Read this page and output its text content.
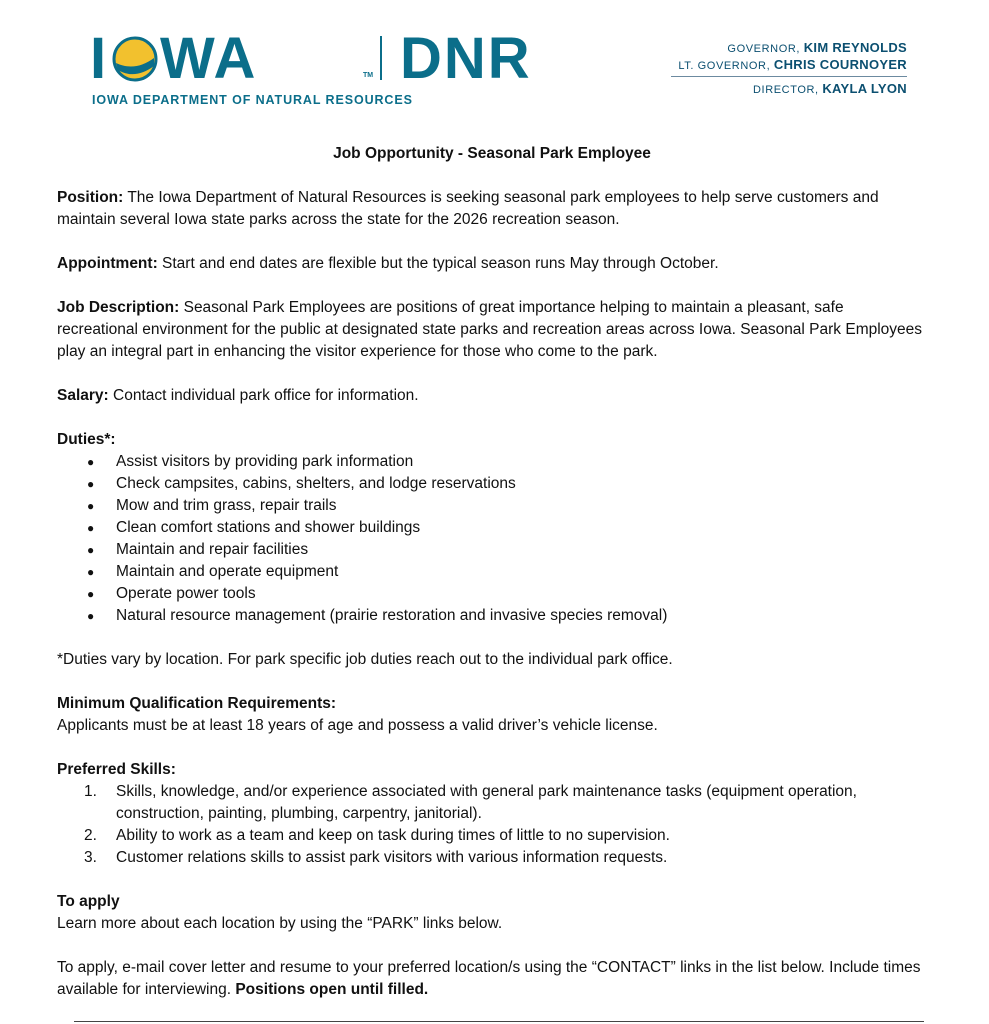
I WA	TM DNR
IOWA DEPARTMENT OF NATURAL RESOURCES
GOVERNOR, KIM REYNOLDS
LT. GOVERNOR, CHRIS COURNOYER
DIRECTOR, KAYLA LYON
Job Opportunity - Seasonal Park Employee

Position: The Iowa Department of Natural Resources is seeking seasonal park employees to help serve customers and maintain several Iowa state parks across the state for the 2026 recreation season.

Appointment: Start and end dates are flexible but the typical season runs May through October.

Job Description: Seasonal Park Employees are positions of great importance helping to maintain a pleasant, safe recreational environment for the public at designated state parks and recreation areas across Iowa. Seasonal Park Employees play an integral part in enhancing the visitor experience for those who come to the park.

Salary: Contact individual park office for information.

Duties*:
● Assist visitors by providing park information
● Check campsites, cabins, shelters, and lodge reservations
● Mow and trim grass, repair trails
● Clean comfort stations and shower buildings
● Maintain and repair facilities
● Maintain and operate equipment
● Operate power tools
● Natural resource management (prairie restoration and invasive species removal)

*Duties vary by location. For park specific job duties reach out to the individual park office.

Minimum Qualification Requirements:

Applicants must be at least 18 years of age and possess a valid driver’s vehicle license.

Preferred Skills:
1. Skills, knowledge, and/or experience associated with general park maintenance tasks (equipment operation, construction, painting, plumbing, carpentry, janitorial).
2. Ability to work as a team and keep on task during times of little to no supervision.
3. Customer relations skills to assist park visitors with various information requests.
To apply

Learn more about each location by using the “PARK” links below.

To apply, e-mail cover letter and resume to your preferred location/s using the “CONTACT” links in the list below. Include times available for interviewing. Positions open until filled.
